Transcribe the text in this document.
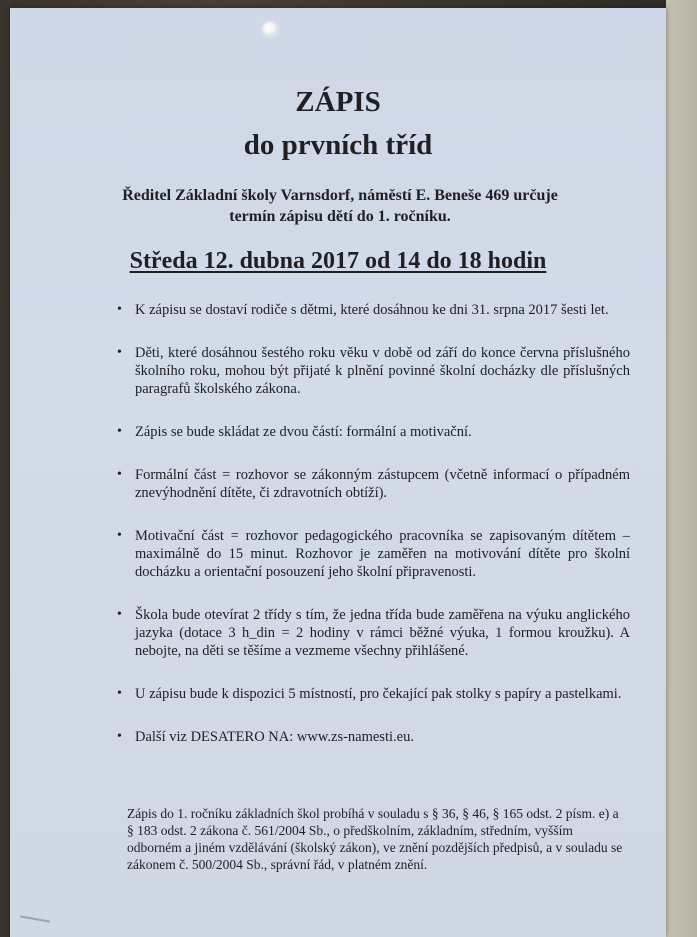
ZÁPIS
do prvních tříd
Ředitel Základní školy Varnsdorf, náměstí E. Beneše 469 určuje
termín zápisu dětí do 1. ročníku.
Středa 12. dubna 2017 od 14 do 18 hodin
• K zápisu se dostaví rodiče s dětmi, které dosáhnou ke dni 31. srpna 2017 šesti let.
• Děti, které dosáhnou šestého roku věku v době od září do konce června příslušného školního roku, mohou být přijaté k plnění povinné školní docházky dle příslušných paragrafů školského zákona.
• Zápis se bude skládat ze dvou částí: formální a motivační.
• Formální část = rozhovor se zákonným zástupcem (včetně informací o případném znevýhodnění dítěte, či zdravotních obtíží).
• Motivační část = rozhovor pedagogického pracovníka se zapisovaným dítětem – maximálně do 15 minut. Rozhovor je zaměřen na motivování dítěte pro školní docházku a orientační posouzení jeho školní připravenosti.
• Škola bude otevírat 2 třídy s tím, že jedna třída bude zaměřena na výuku anglického jazyka (dotace 3 h_din = 2 hodiny v rámci běžné výuka, 1 formou kroužku). A nebojte, na děti se těšíme a vezmeme všechny přihlášené.
• U zápisu bude k dispozici 5 místností, pro čekající pak stolky s papíry a pastelkami.
• Další viz DESATERO NA: www.zs-namesti.eu.
Zápis do 1. ročníku základních škol probíhá v souladu s § 36, § 46, § 165 odst. 2 písm. e) a § 183 odst. 2 zákona č. 561/2004 Sb., o předškolním, základním, středním, vyšším odborném a jiném vzdělávání (školský zákon), ve znění pozdějších předpisů, a v souladu se zákonem č. 500/2004 Sb., správní řád, v platném znění.
